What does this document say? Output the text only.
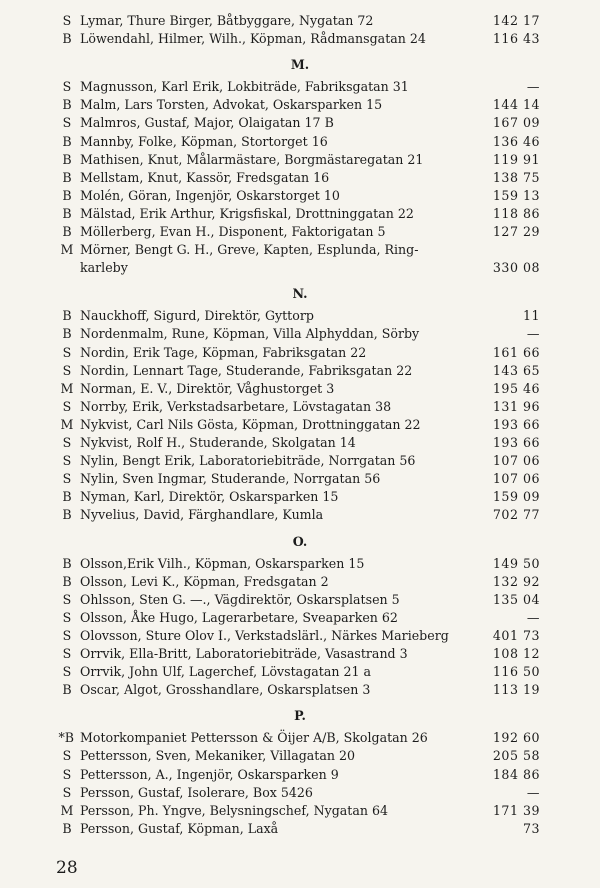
S Lymar, Thure Birger, Båtbyggare, Nygatan 72	142 17
B Löwendahl, Hilmer, Wilh., Köpman, Rådmansgatan 24	116 43
M.
S Magnusson, Karl Erik, Lokbiträde, Fabriksgatan 31	—
B Malm, Lars Torsten, Advokat, Oskarsparken 15	144 14
S Malmros, Gustaf, Major, Olaigatan 17 B	167 09
B Mannby, Folke, Köpman, Stortorget 16	136 46
B Mathisen, Knut, Målarmästare, Borgmästaregatan 21	119 91
B Mellstam, Knut, Kassör, Fredsgatan 16	138 75
B Molén, Göran, Ingenjör, Oskarstorget 10	159 13
B Mälstad, Erik Arthur, Krigsfiskal, Drottninggatan 22	118 86
B Möllerberg, Evan H., Disponent, Faktorigatan 5	127 29
M Mörner, Bengt G. H., Greve, Kapten, Esplunda, Ring-
karleby	330 08
N.
B Nauckhoff, Sigurd, Direktör, Gyttorp	11
B Nordenmalm, Rune, Köpman, Villa Alphyddan, Sörby	—
S Nordin, Erik Tage, Köpman, Fabriksgatan 22	161 66
S Nordin, Lennart Tage, Studerande, Fabriksgatan 22	143 65
M Norman, E. V., Direktör, Våghustorget 3	195 46
S Norrby, Erik, Verkstadsarbetare, Lövstagatan 38	131 96
M Nykvist, Carl Nils Gösta, Köpman, Drottninggatan 22	193 66
S Nykvist, Rolf H., Studerande, Skolgatan 14	193 66
S Nylin, Bengt Erik, Laboratoriebiträde, Norrgatan 56	107 06
S Nylin, Sven Ingmar, Studerande, Norrgatan 56	107 06
B Nyman, Karl, Direktör, Oskarsparken 15	159 09
B Nyvelius, David, Färghandlare, Kumla	702 77
O.
B Olsson,Erik Vilh., Köpman, Oskarsparken 15	149 50
B Olsson, Levi K., Köpman, Fredsgatan 2	132 92
S Ohlsson, Sten G. —., Vägdirektör, Oskarsplatsen 5	135 04
S Olsson, Åke Hugo, Lagerarbetare, Sveaparken 62	—
S Olovsson, Sture Olov I., Verkstadslärl., Närkes Marieberg	401 73
S Orrvik, Ella-Britt, Laboratoriebiträde, Vasastrand 3	108 12
S Orrvik, John Ulf, Lagerchef, Lövstagatan 21 a	116 50
B Oscar, Algot, Grosshandlare, Oskarsplatsen 3	113 19
P.
*B Motorkompaniet Pettersson & Öijer A/B, Skolgatan 26	192 60
S Pettersson, Sven, Mekaniker, Villagatan 20	205 58
S Pettersson, A., Ingenjör, Oskarsparken 9	184 86
S Persson, Gustaf, Isolerare, Box 5426	—
M Persson, Ph. Yngve, Belysningschef, Nygatan 64	171 39
B Persson, Gustaf, Köpman, Laxå	73
28
